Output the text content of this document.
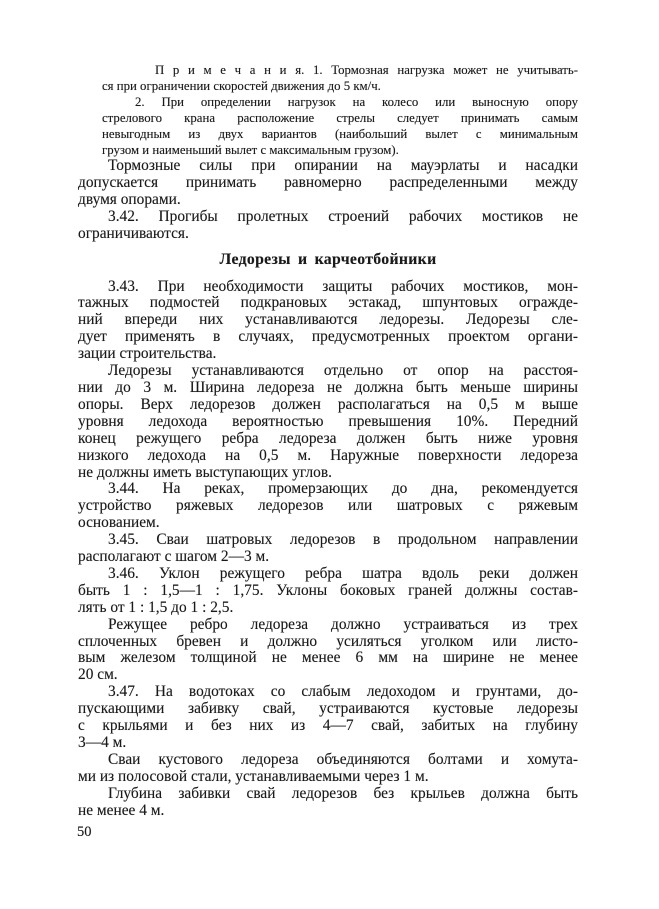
П р и м е ч а н и я. 1. Тормозная нагрузка может не учитывать-
ся при ограничении скоростей движения до 5 км/ч.
2. При определении нагрузок на колесо или выносную опору
стрелового крана расположение стрелы следует принимать самым
невыгодным из двух вариантов (наибольший вылет с минимальным
грузом и наименьший вылет с максимальным грузом).
Тормозные силы при опирании на мауэрлаты и насадки
допускается принимать равномерно распределенными между
двумя опорами.
3.42. Прогибы пролетных строений рабочих мостиков не
ограничиваются.
Ледорезы и карчеотбойники
3.43. При необходимости защиты рабочих мостиков, мон-
тажных подмостей подкрановых эстакад, шпунтовых огражде-
ний впереди них устанавливаются ледорезы. Ледорезы сле-
дует применять в случаях, предусмотренных проектом органи-
зации строительства.
Ледорезы устанавливаются отдельно от опор на расстоя-
нии до 3 м. Ширина ледореза не должна быть меньше ширины
опоры. Верх ледорезов должен располагаться на 0,5 м выше
уровня ледохода вероятностью превышения 10%. Передний
конец режущего ребра ледореза должен быть ниже уровня
низкого ледохода на 0,5 м. Наружные поверхности ледореза
не должны иметь выступающих углов.
3.44. На реках, промерзающих до дна, рекомендуется
устройство ряжевых ледорезов или шатровых с ряжевым
основанием.
3.45. Сваи шатровых ледорезов в продольном направлении
располагают с шагом 2—3 м.
3.46. Уклон режущего ребра шатра вдоль реки должен
быть 1 : 1,5—1 : 1,75. Уклоны боковых граней должны состав-
лять от 1 : 1,5 до 1 : 2,5.
Режущее ребро ледореза должно устраиваться из трех
сплоченных бревен и должно усиляться уголком или листо-
вым железом толщиной не менее 6 мм на ширине не менее
20 см.
3.47. На водотоках со слабым ледоходом и грунтами, до-
пускающими забивку свай, устраиваются кустовые ледорезы
с крыльями и без них из 4—7 свай, забитых на глубину
3—4 м.
Сваи кустового ледореза объединяются болтами и хомута-
ми из полосовой стали, устанавливаемыми через 1 м.
Глубина забивки свай ледорезов без крыльев должна быть
не менее 4 м.
50
